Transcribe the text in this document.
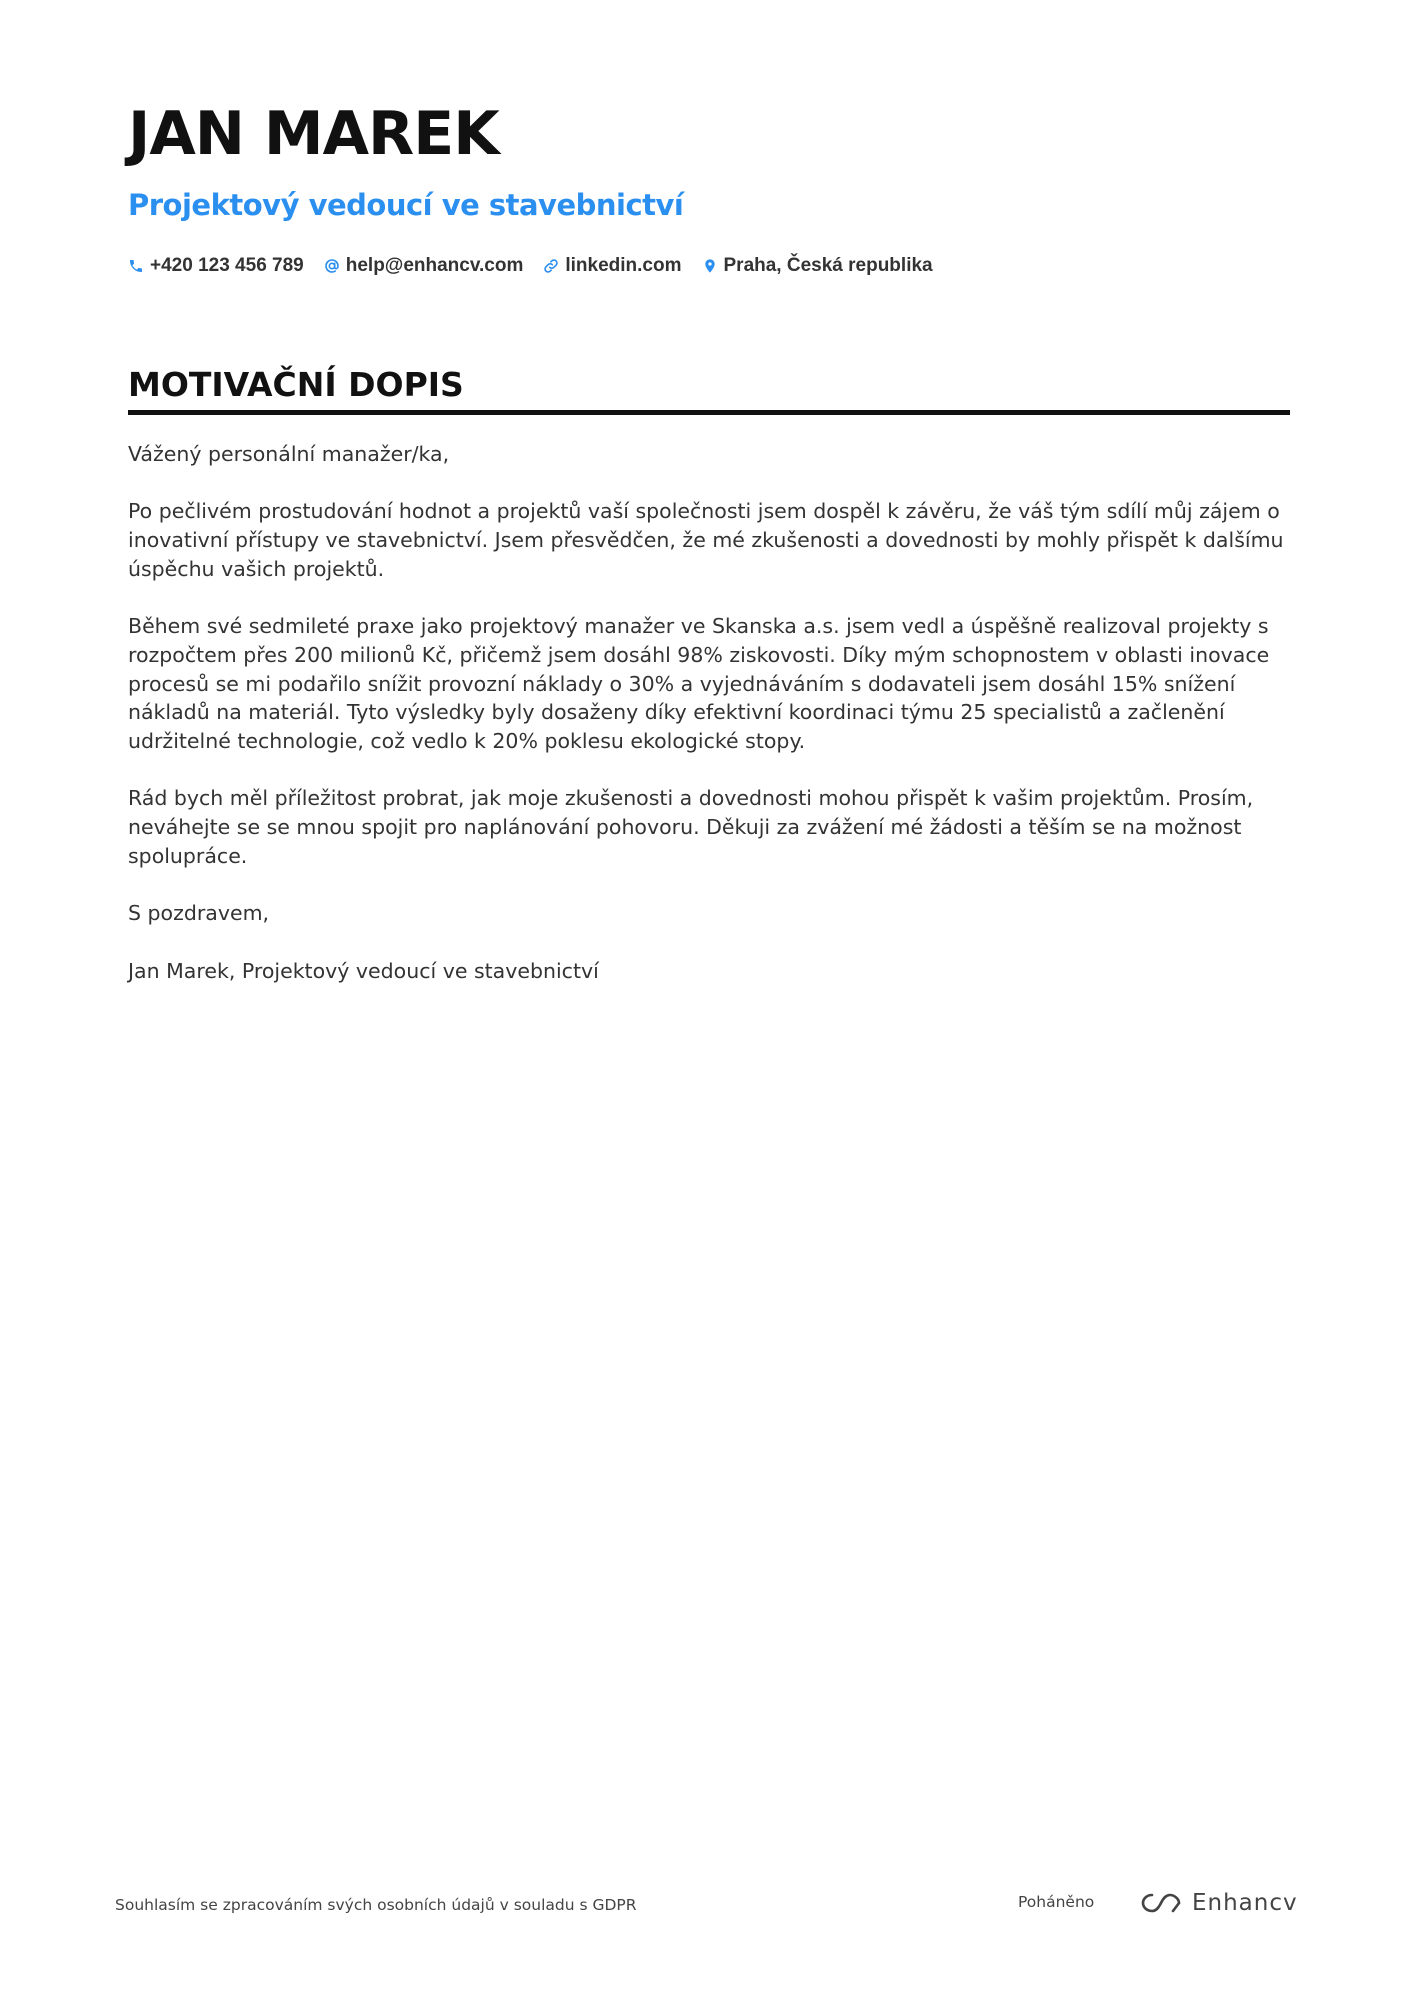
JAN MAREK
Projektový vedoucí ve stavebnictví
+420 123 456 789 help@enhancv.com linkedin.com Praha, Česká republika
MOTIVAČNÍ DOPIS

Vážený personální manažer/ka,

Po pečlivém prostudování hodnot a projektů vaší společnosti jsem dospěl k závěru, že váš tým sdílí můj zájem o inovativní přístupy ve stavebnictví. Jsem přesvědčen, že mé zkušenosti a dovednosti by mohly přispět k dalšímu úspěchu vašich projektů.

Během své sedmileté praxe jako projektový manažer ve Skanska a.s. jsem vedl a úspěšně realizoval projekty s rozpočtem přes 200 milionů Kč, přičemž jsem dosáhl 98% ziskovosti. Díky mým schopnostem v oblasti inovace procesů se mi podařilo snížit provozní náklady o 30% a vyjednáváním s dodavateli jsem dosáhl 15% snížení nákladů na materiál. Tyto výsledky byly dosaženy díky efektivní koordinaci týmu 25 specialistů a začlenění udržitelné technologie, což vedlo k 20% poklesu ekologické stopy.

Rád bych měl příležitost probrat, jak moje zkušenosti a dovednosti mohou přispět k vašim projektům. Prosím, neváhejte se se mnou spojit pro naplánování pohovoru. Děkuji za zvážení mé žádosti a těším se na možnost spolupráce.

S pozdravem,

Jan Marek, Projektový vedoucí ve stavebnictví

Souhlasím se zpracováním svých osobních údajů v souladu s GDPR	Poháněno	Enhancv
